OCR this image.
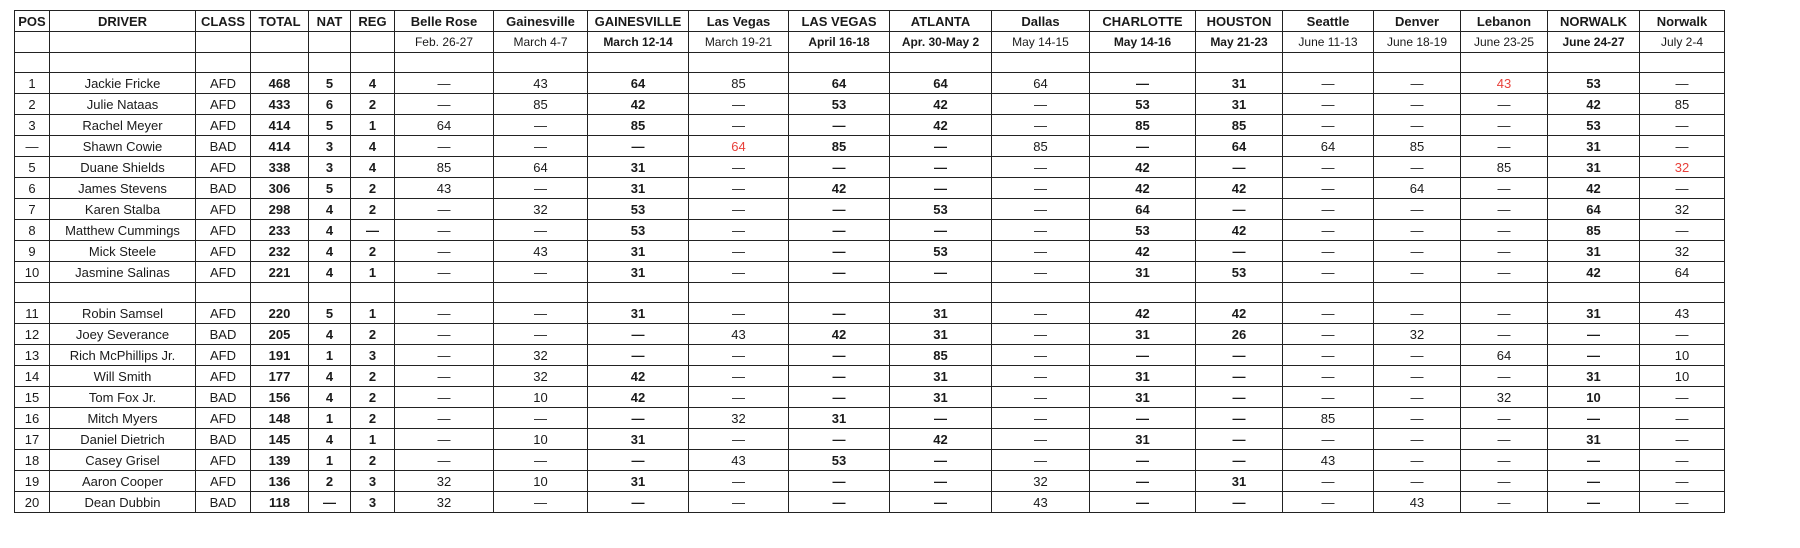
POS	DRIVER	CLASS	TOTAL	NAT	REG	Belle Rose	Gainesville	GAINESVILLE	Las Vegas	LAS VEGAS	ATLANTA	Dallas	CHARLOTTE	HOUSTON	Seattle	Denver	Lebanon	NORWALK	Norwalk
						Feb. 26-27	March 4-7	March 12-14	March 19-21	April 16-18	Apr. 30-May 2	May 14-15	May 14-16	May 21-23	June 11-13	June 18-19	June 23-25	June 24-27	July 2-4

1	Jackie Fricke	AFD	468	5	4	—	43	64	85	64	64	64	—	31	—	—	43	53	—
2	Julie Nataas	AFD	433	6	2	—	85	42	—	53	42	—	53	31	—	—	—	42	85
3	Rachel Meyer	AFD	414	5	1	64	—	85	—	—	42	—	85	85	—	—	—	53	—
—	Shawn Cowie	BAD	414	3	4	—	—	—	64	85	—	85	—	64	64	85	—	31	—
5	Duane Shields	AFD	338	3	4	85	64	31	—	—	—	—	42	—	—	—	85	31	32
6	James Stevens	BAD	306	5	2	43	—	31	—	42	—	—	42	42	—	64	—	42	—
7	Karen Stalba	AFD	298	4	2	—	32	53	—	—	53	—	64	—	—	—	—	64	32
8	Matthew Cummings	AFD	233	4	—	—	—	53	—	—	—	—	53	42	—	—	—	85	—
9	Mick Steele	AFD	232	4	2	—	43	31	—	—	53	—	42	—	—	—	—	31	32
10	Jasmine Salinas	AFD	221	4	1	—	—	31	—	—	—	—	31	53	—	—	—	42	64

11	Robin Samsel	AFD	220	5	1	—	—	31	—	—	31	—	42	42	—	—	—	31	43
12	Joey Severance	BAD	205	4	2	—	—	—	43	42	31	—	31	26	—	32	—	—	—
13	Rich McPhillips Jr.	AFD	191	1	3	—	32	—	—	—	85	—	—	—	—	—	64	—	10
14	Will Smith	AFD	177	4	2	—	32	42	—	—	31	—	31	—	—	—	—	31	10
15	Tom Fox Jr.	BAD	156	4	2	—	10	42	—	—	31	—	31	—	—	—	32	10	—
16	Mitch Myers	AFD	148	1	2	—	—	—	32	31	—	—	—	—	85	—	—	—	—
17	Daniel Dietrich	BAD	145	4	1	—	10	31	—	—	42	—	31	—	—	—	—	31	—
18	Casey Grisel	AFD	139	1	2	—	—	—	43	53	—	—	—	—	43	—	—	—	—
19	Aaron Cooper	AFD	136	2	3	32	10	31	—	—	—	32	—	31	—	—	—	—	—
20	Dean Dubbin	BAD	118	—	3	32	—	—	—	—	—	43	—	—	—	43	—	—	—
